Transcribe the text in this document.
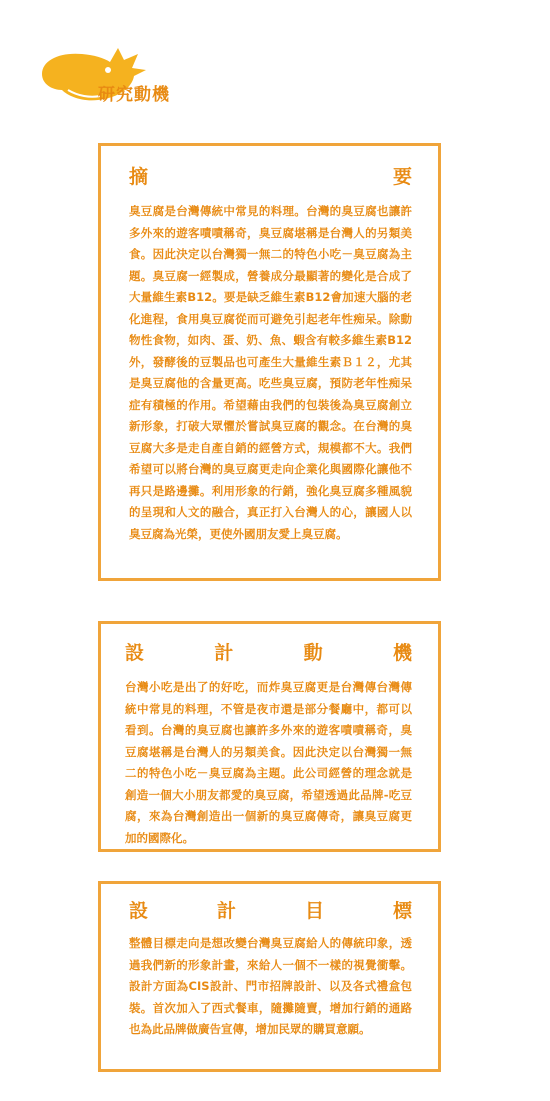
研究動機
摘	要
臭豆腐是台灣傳統中常見的料理。台灣的臭豆腐也讓許多外來的遊客嘖嘖稱奇，臭豆腐堪稱是台灣人的另類美食。因此決定以台灣獨一無二的特色小吃－臭豆腐為主題。臭豆腐一經製成，營養成分最顯著的變化是合成了大量維生素B12。要是缺乏維生素B12會加速大腦的老化進程，食用臭豆腐從而可避免引起老年性痴呆。除動物性食物，如肉、蛋、奶、魚、蝦含有較多維生素B12外，發酵後的豆製品也可產生大量維生素Ｂ１２，尤其是臭豆腐他的含量更高。吃些臭豆腐，預防老年性痴呆症有積極的作用。希望藉由我們的包裝後為臭豆腐創立新形象，打破大眾懼於嘗試臭豆腐的觀念。在台灣的臭豆腐大多是走自產自銷的經營方式，規模都不大。我們希望可以將台灣的臭豆腐更走向企業化與國際化讓他不再只是路邊攤。利用形象的行銷，強化臭豆腐多種風貌的呈現和人文的融合，真正打入台灣人的心，讓國人以臭豆腐為光榮，更使外國朋友愛上臭豆腐。
設	計	動	機
台灣小吃是出了的好吃，而炸臭豆腐更是台灣傳台灣傳統中常見的料理，不管是夜市還是部分餐廳中，都可以看到。台灣的臭豆腐也讓許多外來的遊客嘖嘖稱奇，臭豆腐堪稱是台灣人的另類美食。因此決定以台灣獨一無二的特色小吃－臭豆腐為主題。此公司經營的理念就是創造一個大小朋友都愛的臭豆腐，希望透過此品牌-吃豆腐，來為台灣創造出一個新的臭豆腐傳奇，讓臭豆腐更加的國際化。
設	計	目	標
整體目標走向是想改變台灣臭豆腐給人的傳統印象，透過我們新的形象計畫，來給人一個不一樣的視覺衝擊。設計方面為CIS設計、門市招牌設計、以及各式禮盒包裝。首次加入了西式餐車，隨攤隨賣，增加行銷的通路也為此品牌做廣告宣傳，增加民眾的購買意願。
